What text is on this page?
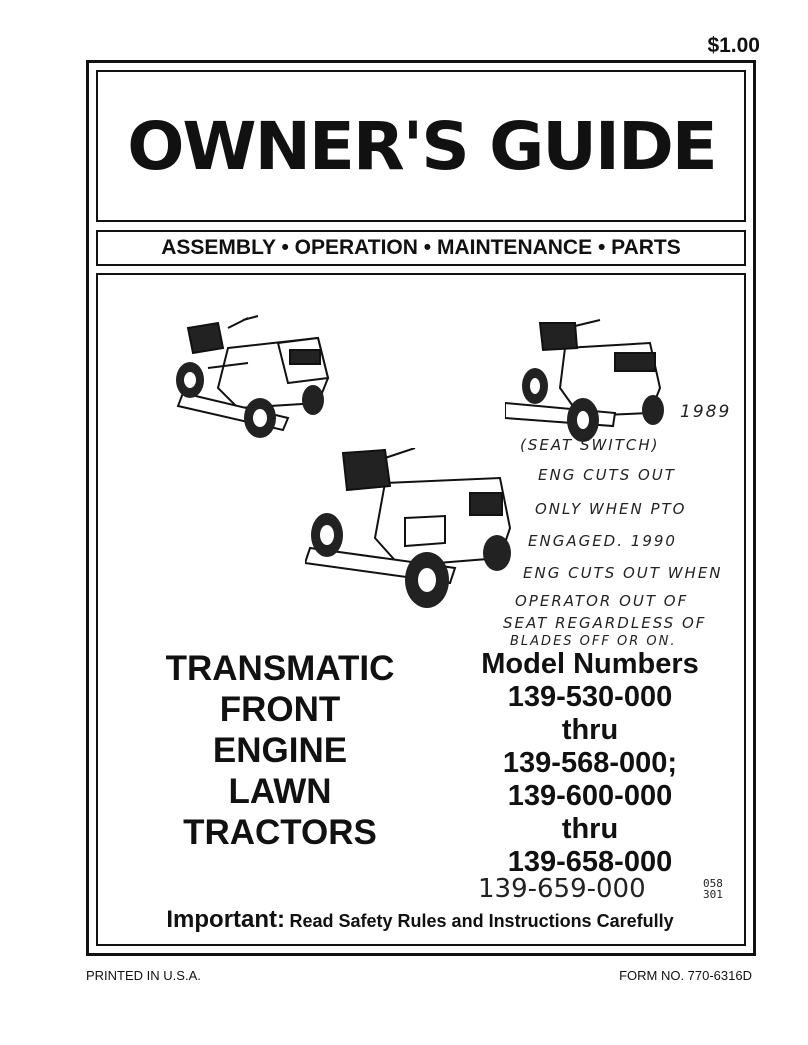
$1.00
OWNER'S GUIDE
ASSEMBLY • OPERATION • MAINTENANCE • PARTS
1989
(SEAT SWITCH)
ENG CUTS OUT
ONLY WHEN PTO
ENGAGED. 1990
ENG CUTS OUT WHEN
OPERATOR OUT OF
SEAT REGARDLESS OF
BLADES OFF OR ON.
TRANSMATIC
FRONT
ENGINE
LAWN
TRACTORS
Model Numbers
139-530-000
thru
139-568-000;
139-600-000
thru
139-658-000
139-659-000	058
301
Important: Read Safety Rules and Instructions Carefully
PRINTED IN U.S.A.	FORM NO. 770-6316D
